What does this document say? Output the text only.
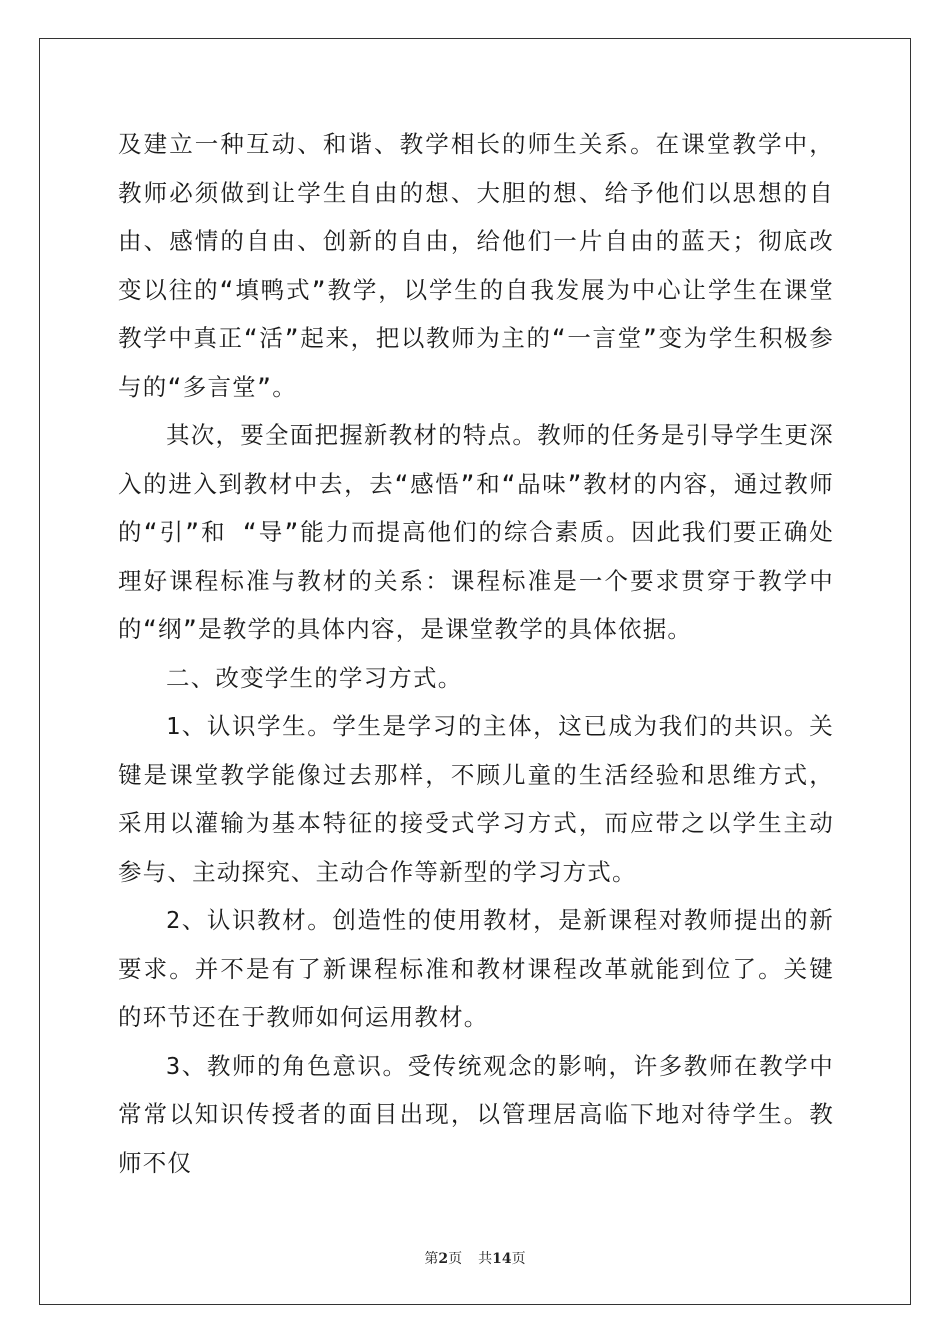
及建立一种互动、和谐、教学相长的师生关系。在课堂教学中，教师必须做到让学生自由的想、大胆的想、给予他们以思想的自由、感情的自由、创新的自由，给他们一片自由的蓝天；彻底改变以往的“填鸭式”教学，以学生的自我发展为中心让学生在课堂教学中真正“活”起来，把以教师为主的“一言堂”变为学生积极参与的“多言堂”。

其次，要全面把握新教材的特点。教师的任务是引导学生更深入的进入到教材中去，去“感悟”和“品味”教材的内容，通过教师的“引”和 “导”能力而提高他们的综合素质。因此我们要正确处理好课程标准与教材的关系：课程标准是一个要求贯穿于教学中的“纲”是教学的具体内容，是课堂教学的具体依据。

二、改变学生的学习方式。

1、认识学生。学生是学习的主体，这已成为我们的共识。关键是课堂教学能像过去那样，不顾儿童的生活经验和思维方式，采用以灌输为基本特征的接受式学习方式，而应带之以学生主动参与、主动探究、主动合作等新型的学习方式。

2、认识教材。创造性的使用教材，是新课程对教师提出的新要求。并不是有了新课程标准和教材课程改革就能到位了。关键的环节还在于教师如何运用教材。

3、教师的角色意识。受传统观念的影响，许多教师在教学中常常以知识传授者的面目出现，以管理居高临下地对待学生。教师不仅

第2页 共14页
